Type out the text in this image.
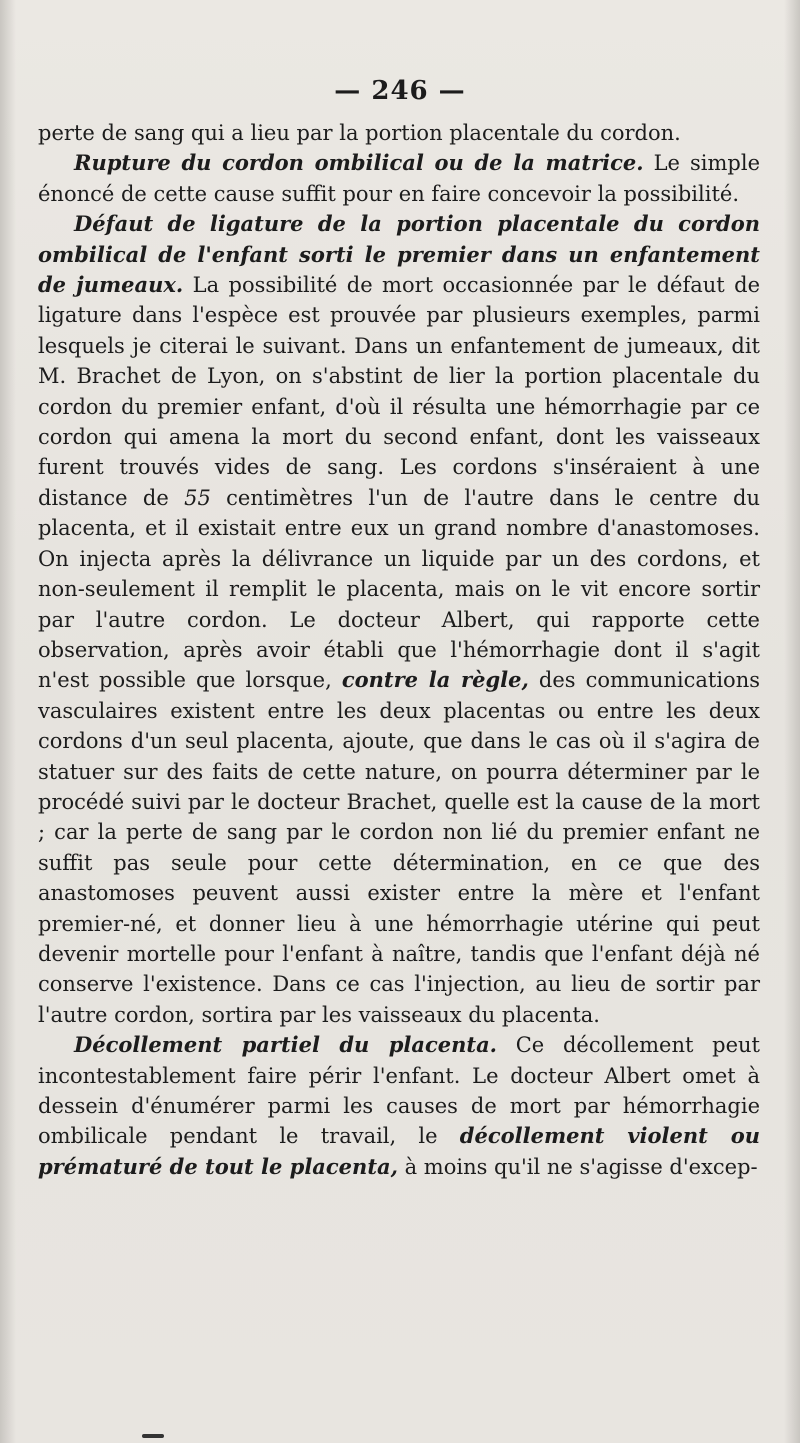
— 246 —

perte de sang qui a lieu par la portion placentale du cordon.

Rupture du cordon ombilical ou de la matrice. Le simple énoncé de cette cause suffit pour en faire concevoir la possibilité.

Défaut de ligature de la portion placentale du cordon ombilical de l'enfant sorti le premier dans un enfantement de jumeaux. La possibilité de mort occasionnée par le défaut de ligature dans l'espèce est prouvée par plusieurs exemples, parmi lesquels je citerai le suivant. Dans un enfantement de jumeaux, dit M. Brachet de Lyon, on s'abstint de lier la portion placentale du cordon du premier enfant, d'où il résulta une hémorrhagie par ce cordon qui amena la mort du second enfant, dont les vaisseaux furent trouvés vides de sang. Les cordons s'inséraient à une distance de 55 centimètres l'un de l'autre dans le centre du placenta, et il existait entre eux un grand nombre d'anastomoses. On injecta après la délivrance un liquide par un des cordons, et non-seulement il remplit le placenta, mais on le vit encore sortir par l'autre cordon. Le docteur Albert, qui rapporte cette observation, après avoir établi que l'hémorrhagie dont il s'agit n'est possible que lorsque, contre la règle, des communications vasculaires existent entre les deux placentas ou entre les deux cordons d'un seul placenta, ajoute, que dans le cas où il s'agira de statuer sur des faits de cette nature, on pourra déterminer par le procédé suivi par le docteur Brachet, quelle est la cause de la mort ; car la perte de sang par le cordon non lié du premier enfant ne suffit pas seule pour cette détermination, en ce que des anastomoses peuvent aussi exister entre la mère et l'enfant premier-né, et donner lieu à une hémorrhagie utérine qui peut devenir mortelle pour l'enfant à naître, tandis que l'enfant déjà né conserve l'existence. Dans ce cas l'injection, au lieu de sortir par l'autre cordon, sortira par les vaisseaux du placenta.

Décollement partiel du placenta. Ce décollement peut incontestablement faire périr l'enfant. Le docteur Albert omet à dessein d'énumérer parmi les causes de mort par hémorrhagie ombilicale pendant le travail, le décollement violent ou prématuré de tout le placenta, à moins qu'il ne s'agisse d'excep-
